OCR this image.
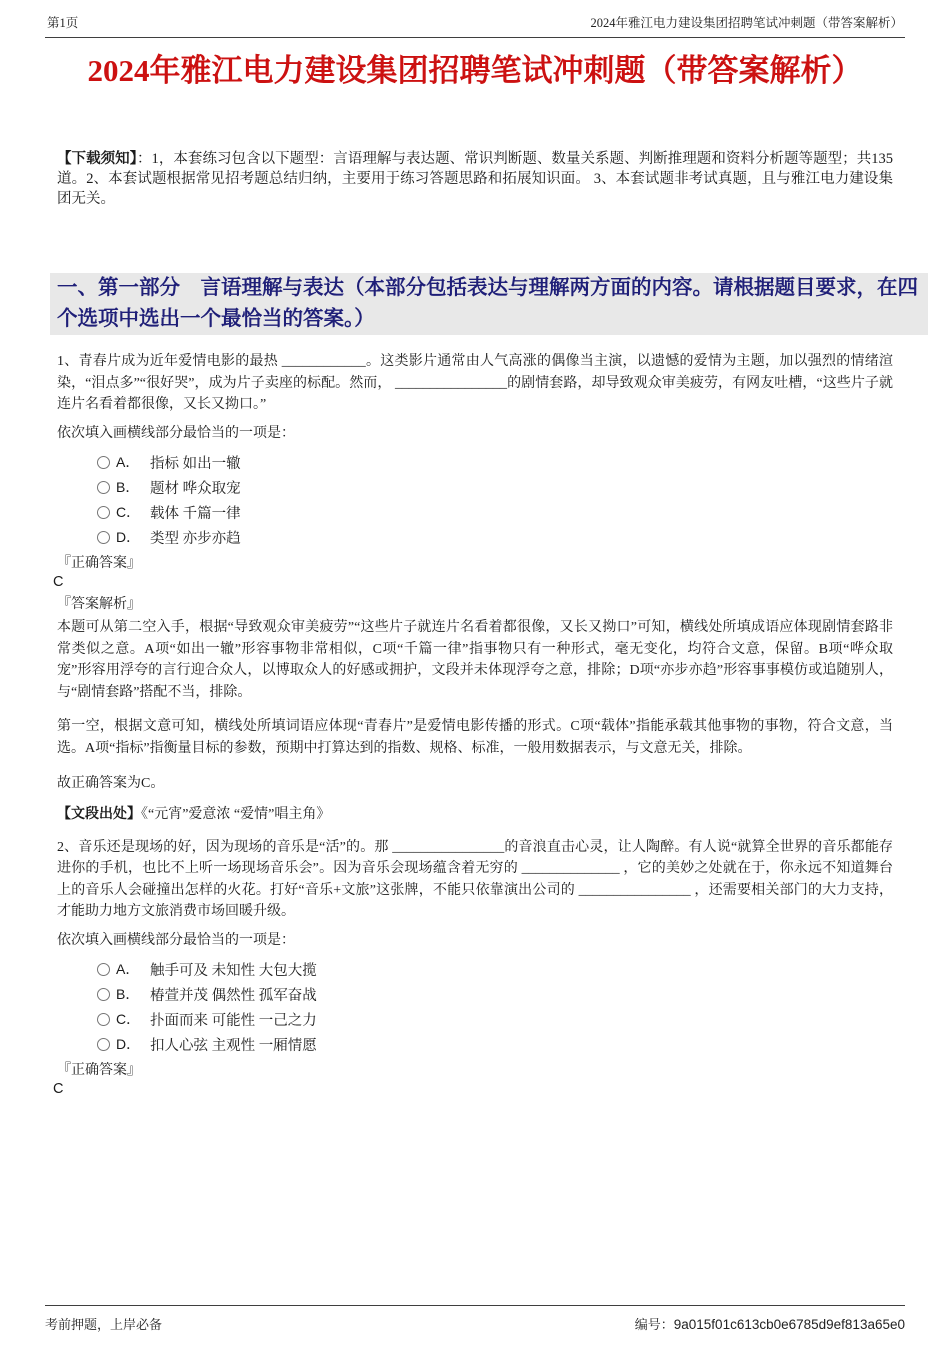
第1页	2024年雅江电力建设集团招聘笔试冲刺题（带答案解析）
2024年雅江电力建设集团招聘笔试冲刺题（带答案解析）

【下载须知】：1，本套练习包含以下题型：言语理解与表达题、常识判断题、数量关系题、判断推理题和资料分析题等题型；共135道。2、本套试题根据常见招考题总结归纳，主要用于练习答题思路和拓展知识面。 3、本套试题非考试真题，且与雅江电力建设集团无关。

一、第一部分　言语理解与表达（本部分包括表达与理解两方面的内容。请根据题目要求，在四个选项中选出一个最恰当的答案。）

1、青春片成为近年爱情电影的最热 ____________。这类影片通常由人气高涨的偶像当主演，以遗憾的爱情为主题，加以强烈的情绪渲染，“泪点多”“很好哭”，成为片子卖座的标配。然而， ________________的剧情套路，却导致观众审美疲劳，有网友吐槽，“这些片子就连片名看着都很像，又长又拗口。”

依次填入画横线部分最恰当的一项是：

A． 指标 如出一辙
B． 题材 哗众取宠
C． 载体 千篇一律
D． 类型 亦步亦趋

『正确答案』

C

『答案解析』

本题可从第二空入手，根据“导致观众审美疲劳”“这些片子就连片名看着都很像，又长又拗口”可知，横线处所填成语应体现剧情套路非常类似之意。A项“如出一辙”形容事物非常相似，C项“千篇一律”指事物只有一种形式，毫无变化，均符合文意，保留。B项“哗众取宠”形容用浮夸的言行迎合众人，以博取众人的好感或拥护，文段并未体现浮夸之意，排除；D项“亦步亦趋”形容事事模仿或追随别人，与“剧情套路”搭配不当，排除。

第一空，根据文意可知，横线处所填词语应体现“青春片”是爱情电影传播的形式。C项“载体”指能承载其他事物的事物，符合文意，当选。A项“指标”指衡量目标的参数，预期中打算达到的指数、规格、标准，一般用数据表示，与文意无关，排除。

故正确答案为C。

【文段出处】《“元宵”爱意浓 “爱情”唱主角》

2、音乐还是现场的好，因为现场的音乐是“活”的。那 ________________的音浪直击心灵，让人陶醉。有人说“就算全世界的音乐都能存进你的手机，也比不上听一场现场音乐会”。因为音乐会现场蕴含着无穷的 ______________ ，它的美妙之处就在于，你永远不知道舞台上的音乐人会碰撞出怎样的火花。打好“音乐+文旅”这张牌，不能只依靠演出公司的 ________________ ，还需要相关部门的大力支持，才能助力地方文旅消费市场回暖升级。

依次填入画横线部分最恰当的一项是：

A． 触手可及 未知性 大包大揽
B． 椿萱并茂 偶然性 孤军奋战
C． 扑面而来 可能性 一己之力
D． 扣人心弦 主观性 一厢情愿

『正确答案』

C

考前押题，上岸必备	编号：9a015f01c613cb0e6785d9ef813a65e0
